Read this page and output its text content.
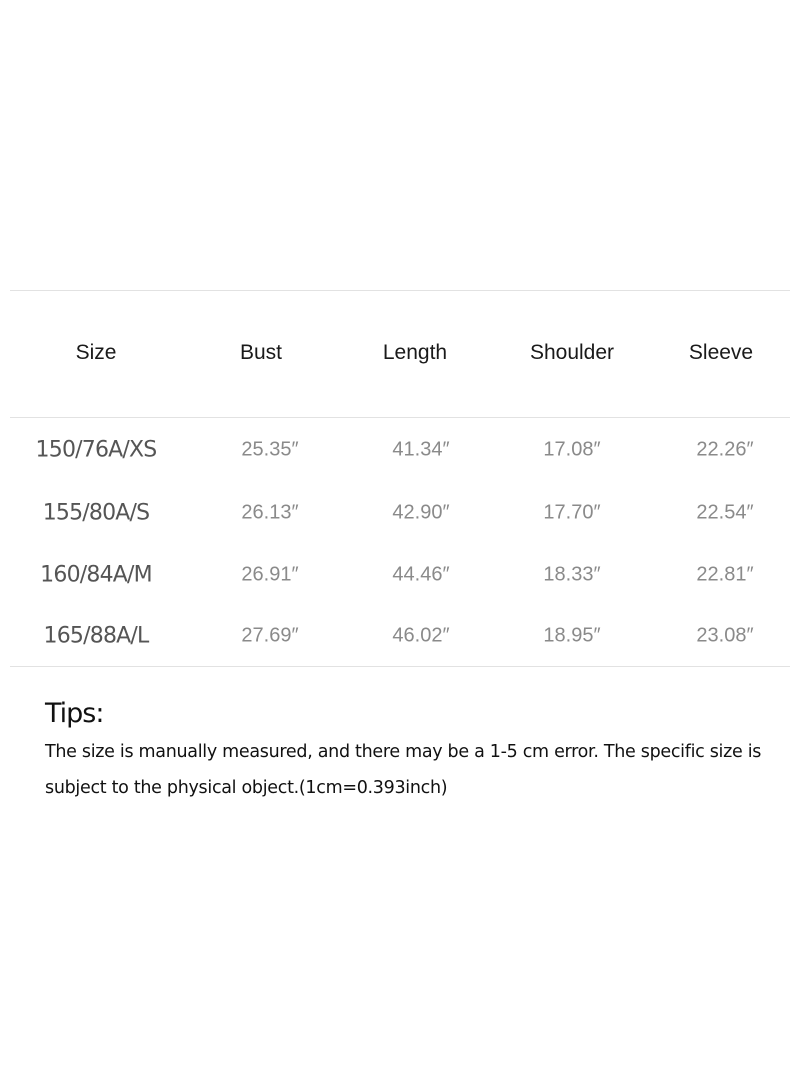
Size	Bust	Length	Shoulder	Sleeve
150/76A/XS	25.35″	41.34″	17.08″	22.26″
155/80A/S	26.13″	42.90″	17.70″	22.54″
160/84A/M	26.91″	44.46″	18.33″	22.81″
165/88A/L	27.69″	46.02″	18.95″	23.08″
Tips:
The size is manually measured, and there may be a 1-5 cm error. The specific size is subject to the physical object.(1cm=0.393inch)
